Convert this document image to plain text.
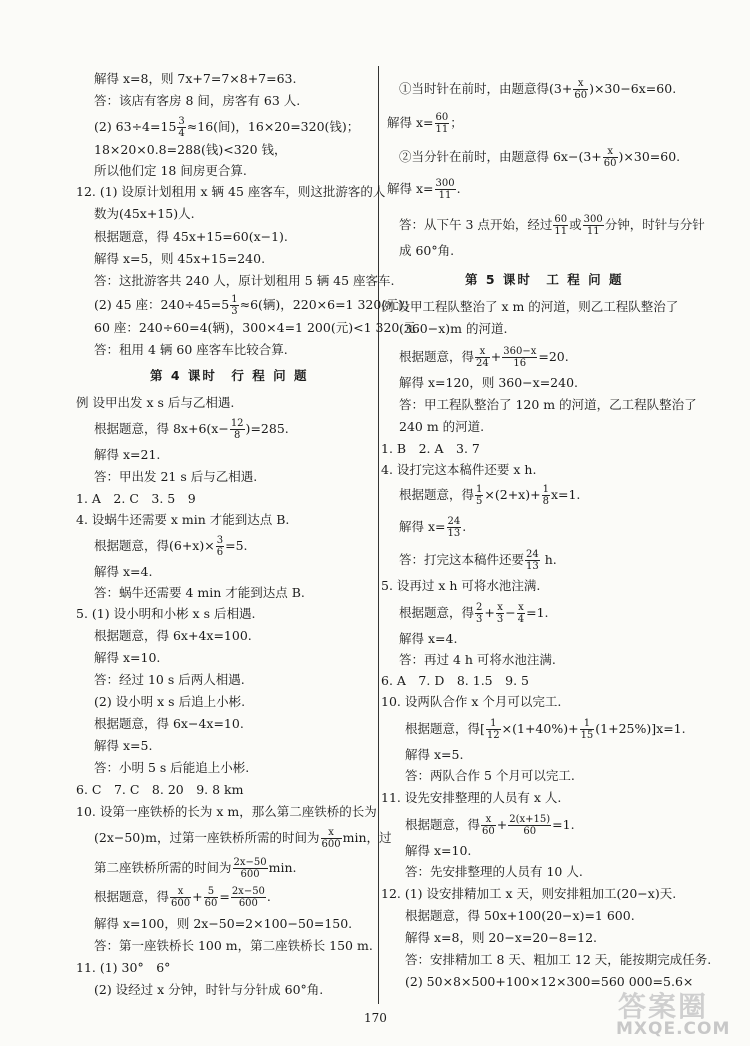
解得 x=8，则 7x+7=7×8+7=63.
答：该店有客房 8 间，房客有 63 人.
(2) $63\div 4=15 \frac{3}{4} \approx 16$(间)，16×20=320(钱)；
18×20×0.8=288(钱)<320 钱，
所以他们定 18 间房更合算.
12. (1) 设原计划租用 x 辆 45 座客车，则这批游客的人
数为(45x+15)人.
根据题意，得 45x+15=60(x−1).
解得 x=5，则 45x+15=240.
答：这批游客共 240 人，原计划租用 5 辆 45 座客车.
(2) 45 座：$240\div 45=5 \frac{1}{3} \approx 6$(辆)，220×6=1 320(元)；
60 座：240÷60=4(辆)，300×4=1 200(元)<1 320 元.
答：租用 4 辆 60 座客车比较合算.
第 4 课时　行 程 问 题
例 设甲出发 x s 后与乙相遇.
根据题意，得 $8x+6(x- \frac{12}{8} )=285$.
解得 x=21.
答：甲出发 21 s 后与乙相遇.
1. A　2. C　3. 5　9
4. 设蜗牛还需要 x min 才能到达点 B.
根据题意，得$(6+x)\times \frac{3}{6} =5$.
解得 x=4.
答：蜗牛还需要 4 min 才能到达点 B.
5. (1) 设小明和小彬 x s 后相遇.
根据题意，得 6x+4x=100.
解得 x=10.
答：经过 10 s 后两人相遇.
(2) 设小明 x s 后追上小彬.
根据题意，得 6x−4x=10.
解得 x=5.
答：小明 5 s 后能追上小彬.
6. C　7. C　8. 20　9. 8 km
10. 设第一座铁桥的长为 x m，那么第二座铁桥的长为
(2x−50)m，过第一座铁桥所需的时间为 $\frac{x}{600}$ min，过
第二座铁桥所需的时间为 $\frac{2x-50}{600} \min$.
根据题意，得 $\frac{x}{600} + \frac{5}{60} = \frac{2x-50}{600}$ .
解得 x=100，则 2x−50=2×100−50=150.
答：第一座铁桥长 100 m，第二座铁桥长 150 m.
11. (1) 30°　6°
(2) 设经过 x 分钟，时针与分针成 60°角.
①当时针在前时，由题意得$(3+ \frac{x}{60} )\times 30-6x=60$.
解得 $x= \frac{60}{11}$ ；
②当分针在前时，由题意得 $6x-(3+ \frac{x}{60} )\times 30=60$.
解得 $x= \frac{300}{11}$ .
答：从下午 3 点开始，经过 $\frac{60}{11}$ 或 $\frac{300}{11}$ 分钟，时针与分针
成 60°角.
第 5 课时　工 程 问 题
例 设甲工程队整治了 x m 的河道，则乙工程队整治了
(360−x)m 的河道.
根据题意，得 $\frac{x}{24} + \frac{360-x}{16} =20$.
解得 x=120，则 360−x=240.
答：甲工程队整治了 120 m 的河道，乙工程队整治了
240 m 的河道.
1. B　2. A　3. 7
4. 设打完这本稿件还要 x h.
根据题意，得 $\frac{1}{5} \times(2+x)+ \frac{1}{8} x=1$.
解得 $x= \frac{24}{13}$ .
答：打完这本稿件还要 $\frac{24}{13} h$.
5. 设再过 x h 可将水池注满.
根据题意，得 $\frac{2}{3} + \frac{x}{3} - \frac{x}{4} =1$.
解得 x=4.
答：再过 4 h 可将水池注满.
6. A　7. D　8. 1.5　9. 5
10. 设两队合作 x 个月可以完工.
根据题意，得[ $\frac{1}{12} \times(1+40\%)+ \frac{1}{15} (1+25\%)]x=1$.
解得 x=5.
答：两队合作 5 个月可以完工.
11. 设先安排整理的人员有 x 人.
根据题意，得 $\frac{x}{60} + \frac{2(x+15)}{60} =1$.
解得 x=10.
答：先安排整理的人员有 10 人.
12. (1) 设安排精加工 x 天，则安排粗加工(20−x)天.
根据题意，得 50x+100(20−x)=1 600.
解得 x=8，则 20−x=20−8=12.
答：安排精加工 8 天、粗加工 12 天，能按期完成任务.
(2) 50×8×500+100×12×300=560 000=5.6×
170	答案圈
MXQE.COM
